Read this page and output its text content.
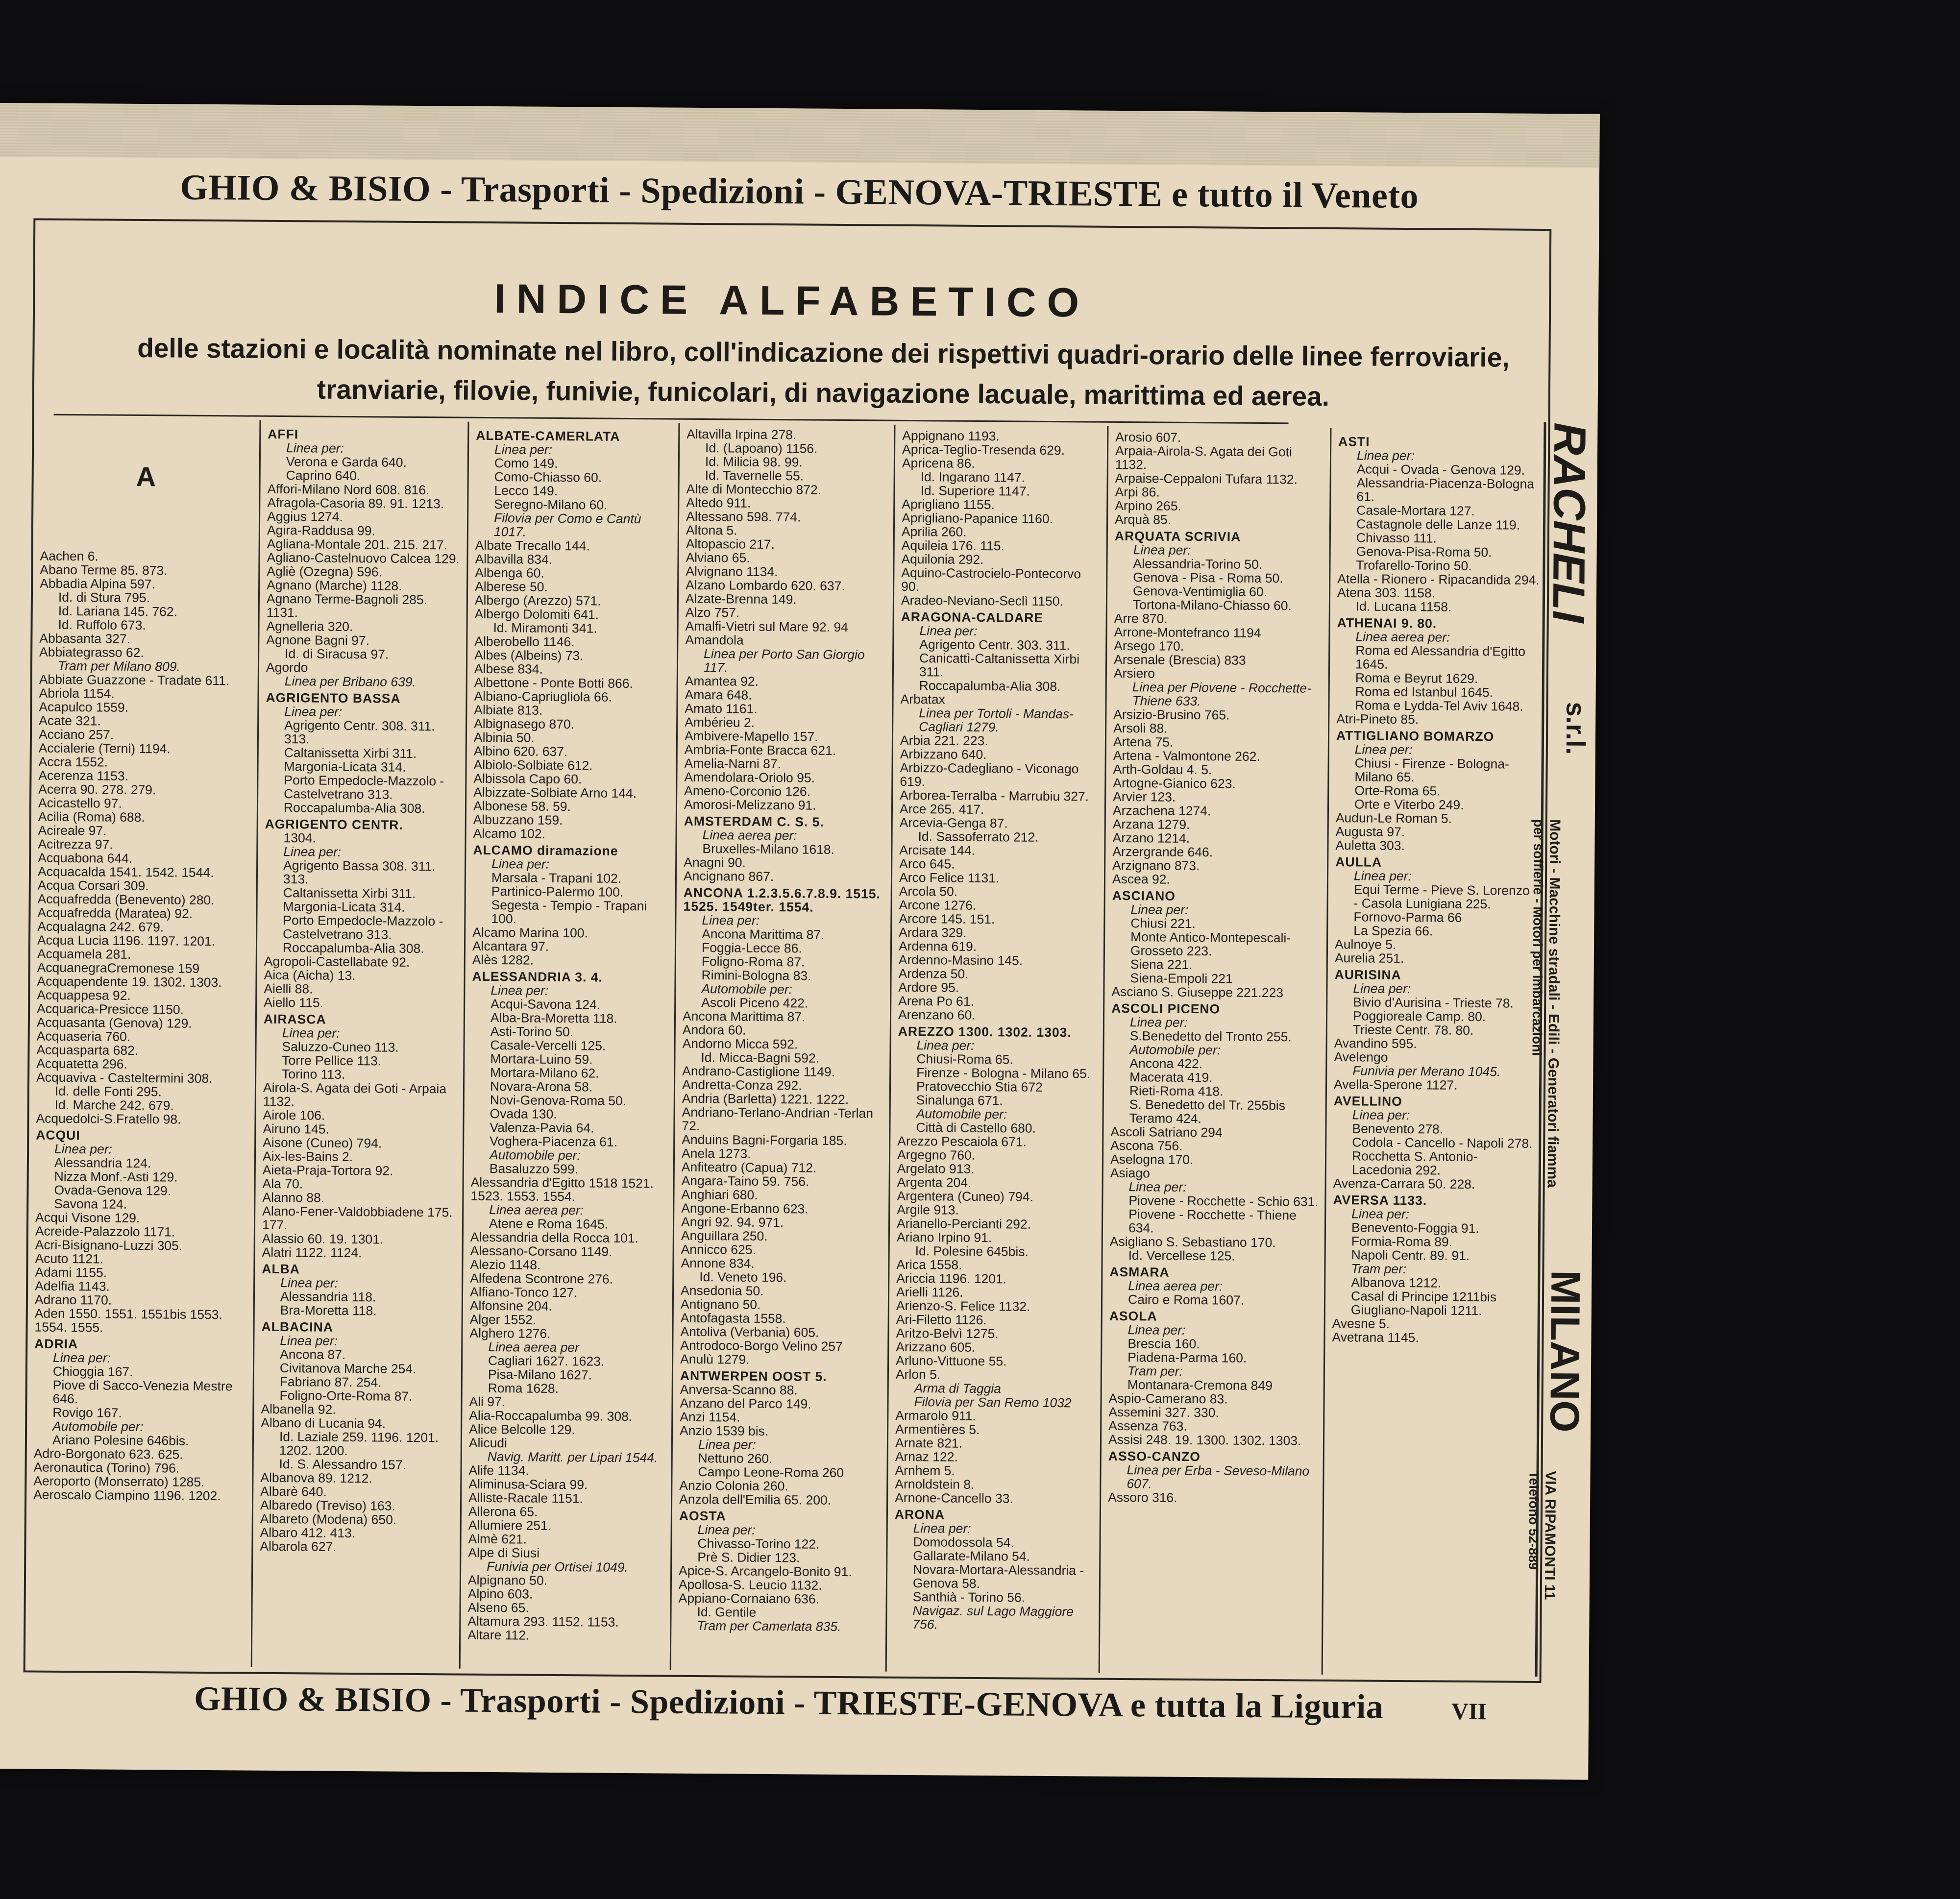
GHIO & BISIO - Trasporti - Spedizioni - GENOVA-TRIESTE e tutto il Veneto
INDICE ALFABETICO
delle stazioni e località nominate nel libro, coll'indicazione dei rispettivi quadri-orario delle linee ferroviarie, tranviarie, filovie, funivie, funicolari, di navigazione lacuale, marittima ed aerea.
A
Aachen 6.
Abano Terme 85. 873.
Abbadia Alpina 597.
Id. di Stura 795.
Id. Lariana 145. 762.
Id. Ruffolo 673.
Abbasanta 327.
Abbiategrasso 62.
Tram per Milano 809.
Abbiate Guazzone - Tradate 611.
Abriola 1154.
Acapulco 1559.
Acate 321.
Acciano 257.
Accialerie (Terni) 1194.
Accra 1552.
Acerenza 1153.
Acerra 90. 278. 279.
Acicastello 97.
Acilia (Roma) 688.
Acireale 97.
Acitrezza 97.
Acquabona 644.
Acquacalda 1541. 1542. 1544.
Acqua Corsari 309.
Acquafredda (Benevento) 280.
Acquafredda (Maratea) 92.
Acqualagna 242. 679.
Acqua Lucia 1196. 1197. 1201.
Acquamela 281.
AcquanegraCremonese 159
Acquapendente 19. 1302. 1303.
Acquappesa 92.
Acquarica-Presicce 1150.
Acquasanta (Genova) 129.
Acquaseria 760.
Acquasparta 682.
Acquatetta 296.
Acquaviva - Casteltermini 308.
Id. delle Fonti 295.
Id. Marche 242. 679.
Acquedolci-S.Fratello 98.
ACQUI
Linea per:
Alessandria 124.
Nizza Monf.-Asti 129.
Ovada-Genova 129.
Savona 124.
Acqui Visone 129.
Acreide-Palazzolo 1171.
Acri-Bisignano-Luzzi 305.
Acuto 1121.
Adami 1155.
Adelfia 1143.
Adrano 1170.
Aden 1550. 1551. 1551bis 1553. 1554. 1555.
ADRIA
Linea per:
Chioggia 167.
Piove di Sacco-Venezia Mestre 646.
Rovigo 167.
Automobile per:
Ariano Polesine 646bis.
Adro-Borgonato 623. 625.
Aeronautica (Torino) 796.
Aeroporto (Monserrato) 1285.
Aeroscalo Ciampino 1196. 1202.
AFFI
Linea per:
Verona e Garda 640.
Caprino 640.
Affori-Milano Nord 608. 816.
Afragola-Casoria 89. 91. 1213.
Aggius 1274.
Agira-Raddusa 99.
Agliana-Montale 201. 215. 217.
Agliano-Castelnuovo Calcea 129.
Agliè (Ozegna) 596.
Agnano (Marche) 1128.
Agnano Terme-Bagnoli 285. 1131.
Agnelleria 320.
Agnone Bagni 97.
Id. di Siracusa 97.
Agordo
Linea per Bribano 639.
AGRIGENTO BASSA
Linea per:
Agrigento Centr. 308. 311. 313.
Caltanissetta Xirbi 311.
Margonia-Licata 314.
Porto Empedocle-Mazzolo - Castelvetrano 313.
Roccapalumba-Alia 308.
AGRIGENTO CENTR.
1304.
Linea per:
Agrigento Bassa 308. 311. 313.
Caltanissetta Xirbi 311.
Margonia-Licata 314.
Porto Empedocle-Mazzolo - Castelvetrano 313.
Roccapalumba-Alia 308.
Agropoli-Castellabate 92.
Aica (Aicha) 13.
Aielli 88.
Aiello 115.
AIRASCA
Linea per:
Saluzzo-Cuneo 113.
Torre Pellice 113.
Torino 113.
Airola-S. Agata dei Goti - Arpaia 1132.
Airole 106.
Airuno 145.
Aisone (Cuneo) 794.
Aix-les-Bains 2.
Aieta-Praja-Tortora 92.
Ala 70.
Alanno 88.
Alano-Fener-Valdobbiadene 175. 177.
Alassio 60. 19. 1301.
Alatri 1122. 1124.
ALBA
Linea per:
Alessandria 118.
Bra-Moretta 118.
ALBACINA
Linea per:
Ancona 87.
Civitanova Marche 254.
Fabriano 87. 254.
Foligno-Orte-Roma 87.
Albanella 92.
Albano di Lucania 94.
Id. Laziale 259. 1196. 1201. 1202. 1200.
Id. S. Alessandro 157.
Albanova 89. 1212.
Albarè 640.
Albaredo (Treviso) 163.
Albareto (Modena) 650.
Albaro 412. 413.
Albarola 627.
ALBATE-CAMERLATA
Linea per:
Como 149.
Como-Chiasso 60.
Lecco 149.
Seregno-Milano 60.
Filovia per Como e Cantù 1017.
Albate Trecallo 144.
Albavilla 834.
Albenga 60.
Alberese 50.
Albergo (Arezzo) 571.
Albergo Dolomiti 641.
Id. Miramonti 341.
Alberobello 1146.
Albes (Albeins) 73.
Albese 834.
Albettone - Ponte Botti 866.
Albiano-Capriugliola 66.
Albiate 813.
Albignasego 870.
Albinia 50.
Albino 620. 637.
Albiolo-Solbiate 612.
Albissola Capo 60.
Albizzate-Solbiate Arno 144.
Albonese 58. 59.
Albuzzano 159.
Alcamo 102.
ALCAMO diramazione
Linea per:
Marsala - Trapani 102.
Partinico-Palermo 100.
Segesta - Tempio - Trapani 100.
Alcamo Marina 100.
Alcantara 97.
Alès 1282.
ALESSANDRIA 3. 4.
Linea per:
Acqui-Savona 124.
Alba-Bra-Moretta 118.
Asti-Torino 50.
Casale-Vercelli 125.
Mortara-Luino 59.
Mortara-Milano 62.
Novara-Arona 58.
Novi-Genova-Roma 50.
Ovada 130.
Valenza-Pavia 64.
Voghera-Piacenza 61.
Automobile per:
Basaluzzo 599.
Alessandria d'Egitto 1518 1521. 1523. 1553. 1554.
Linea aerea per:
Atene e Roma 1645.
Alessandria della Rocca 101.
Alessano-Corsano 1149.
Alezio 1148.
Alfedena Scontrone 276.
Alfiano-Tonco 127.
Alfonsine 204.
Alger 1552.
Alghero 1276.
Linea aerea per
Cagliari 1627. 1623.
Pisa-Milano 1627.
Roma 1628.
Ali 97.
Alia-Roccapalumba 99. 308.
Alice Belcolle 129.
Alicudi
Navig. Maritt. per Lipari 1544.
Alife 1134.
Aliminusa-Sciara 99.
Alliste-Racale 1151.
Allerona 65.
Allumiere 251.
Almè 621.
Alpe di Siusi
Funivia per Ortisei 1049.
Alpignano 50.
Alpino 603.
Alseno 65.
Altamura 293. 1152. 1153.
Altare 112.
Altavilla Irpina 278.
Id. (Lapoano) 1156.
Id. Milicia 98. 99.
Id. Tavernelle 55.
Alte di Montecchio 872.
Altedo 911.
Altessano 598. 774.
Altona 5.
Altopascio 217.
Alviano 65.
Alvignano 1134.
Alzano Lombardo 620. 637.
Alzate-Brenna 149.
Alzo 757.
Amalfi-Vietri sul Mare 92. 94
Amandola
Linea per Porto San Giorgio 117.
Amantea 92.
Amara 648.
Amato 1161.
Ambérieu 2.
Ambivere-Mapello 157.
Ambria-Fonte Bracca 621.
Amelia-Narni 87.
Amendolara-Oriolo 95.
Ameno-Corconio 126.
Amorosi-Melizzano 91.
AMSTERDAM C. S. 5.
Linea aerea per:
Bruxelles-Milano 1618.
Anagni 90.
Ancignano 867.
ANCONA 1.2.3.5.6.7.8.9. 1515. 1525. 1549ter. 1554.
Linea per:
Ancona Marittima 87.
Foggia-Lecce 86.
Foligno-Roma 87.
Rimini-Bologna 83.
Automobile per:
Ascoli Piceno 422.
Ancona Marittima 87.
Andora 60.
Andorno Micca 592.
Id. Micca-Bagni 592.
Andrano-Castiglione 1149.
Andretta-Conza 292.
Andria (Barletta) 1221. 1222.
Andriano-Terlano-Andrian -Terlan 72.
Anduins Bagni-Forgaria 185.
Anela 1273.
Anfiteatro (Capua) 712.
Angara-Taino 59. 756.
Anghiari 680.
Angone-Erbanno 623.
Angri 92. 94. 971.
Anguillara 250.
Annicco 625.
Annone 834.
Id. Veneto 196.
Ansedonia 50.
Antignano 50.
Antofagasta 1558.
Antoliva (Verbania) 605.
Antrodoco-Borgo Velino 257
Anulù 1279.
ANTWERPEN OOST 5.
Anversa-Scanno 88.
Anzano del Parco 149.
Anzi 1154.
Anzio 1539 bis.
Linea per:
Nettuno 260.
Campo Leone-Roma 260
Anzio Colonia 260.
Anzola dell'Emilia 65. 200.
AOSTA
Linea per:
Chivasso-Torino 122.
Prè S. Didier 123.
Apice-S. Arcangelo-Bonito 91.
Apollosa-S. Leucio 1132.
Appiano-Cornaiano 636.
Id. Gentile
Tram per Camerlata 835.
Appignano 1193.
Aprica-Teglio-Tresenda 629.
Apricena 86.
Id. Ingarano 1147.
Id. Superiore 1147.
Aprigliano 1155.
Aprigliano-Papanice 1160.
Aprilia 260.
Aquileia 176. 115.
Aquilonia 292.
Aquino-Castrocielo-Pontecorvo 90.
Aradeo-Neviano-Seclì 1150.
ARAGONA-CALDARE
Linea per:
Agrigento Centr. 303. 311.
Canicattì-Caltanissetta Xirbi 311.
Roccapalumba-Alia 308.
Arbatax
Linea per Tortoli - Mandas-Cagliari 1279.
Arbia 221. 223.
Arbizzano 640.
Arbizzo-Cadegliano - Viconago 619.
Arborea-Terralba - Marrubiu 327.
Arce 265. 417.
Arcevia-Genga 87.
Id. Sassoferrato 212.
Arcisate 144.
Arco 645.
Arco Felice 1131.
Arcola 50.
Arcone 1276.
Arcore 145. 151.
Ardara 329.
Ardenna 619.
Ardenno-Masino 145.
Ardenza 50.
Ardore 95.
Arena Po 61.
Arenzano 60.
AREZZO 1300. 1302. 1303.
Linea per:
Chiusi-Roma 65.
Firenze - Bologna - Milano 65.
Pratovecchio Stia 672
Sinalunga 671.
Automobile per:
Città di Castello 680.
Arezzo Pescaiola 671.
Argegno 760.
Argelato 913.
Argenta 204.
Argentera (Cuneo) 794.
Argile 913.
Arianello-Percianti 292.
Ariano Irpino 91.
Id. Polesine 645bis.
Arica 1558.
Ariccia 1196. 1201.
Arielli 1126.
Arienzo-S. Felice 1132.
Ari-Filetto 1126.
Aritzo-Belvì 1275.
Arizzano 605.
Arluno-Vittuone 55.
Arlon 5.
Arma di Taggia
Filovia per San Remo 1032
Armarolo 911.
Armentières 5.
Arnate 821.
Arnaz 122.
Arnhem 5.
Arnoldstein 8.
Arnone-Cancello 33.
ARONA
Linea per:
Domodossola 54.
Gallarate-Milano 54.
Novara-Mortara-Alessandria - Genova 58.
Santhià - Torino 56.
Navigaz. sul Lago Maggiore 756.
Arosio 607.
Arpaia-Airola-S. Agata dei Goti 1132.
Arpaise-Ceppaloni Tufara 1132.
Arpi 86.
Arpino 265.
Arquà 85.
ARQUATA SCRIVIA
Linea per:
Alessandria-Torino 50.
Genova - Pisa - Roma 50.
Genova-Ventimiglia 60.
Tortona-Milano-Chiasso 60.
Arre 870.
Arrone-Montefranco 1194
Arsego 170.
Arsenale (Brescia) 833
Arsiero
Linea per Piovene - Rocchette-Thiene 633.
Arsizio-Brusino 765.
Arsoli 88.
Artena 75.
Artena - Valmontone 262.
Arth-Goldau 4. 5.
Artogne-Gianico 623.
Arvier 123.
Arzachena 1274.
Arzana 1279.
Arzano 1214.
Arzergrande 646.
Arzignano 873.
Ascea 92.
ASCIANO
Linea per:
Chiusi 221.
Monte Antico-Montepescali-Grosseto 223.
Siena 221.
Siena-Empoli 221
Asciano S. Giuseppe 221.223
ASCOLI PICENO
Linea per:
S.Benedetto del Tronto 255.
Automobile per:
Ancona 422.
Macerata 419.
Rieti-Roma 418.
S. Benedetto del Tr. 255bis
Teramo 424.
Ascoli Satriano 294
Ascona 756.
Aselogna 170.
Asiago
Linea per:
Piovene - Rocchette - Schio 631.
Piovene - Rocchette - Thiene 634.
Asigliano S. Sebastiano 170.
Id. Vercellese 125.
ASMARA
Linea aerea per:
Cairo e Roma 1607.
ASOLA
Linea per:
Brescia 160.
Piadena-Parma 160.
Tram per:
Montanara-Cremona 849
Aspio-Camerano 83.
Assemini 327. 330.
Assenza 763.
Assisi 248. 19. 1300. 1302. 1303.
ASSO-CANZO
Linea per Erba - Seveso-Milano 607.
Assoro 316.
ASTI
Linea per:
Acqui - Ovada - Genova 129.
Alessandria-Piacenza-Bologna 61.
Casale-Mortara 127.
Castagnole delle Lanze 119.
Chivasso 111.
Genova-Pisa-Roma 50.
Trofarello-Torino 50.
Atella - Rionero - Ripacandida 294.
Atena 303. 1158.
Id. Lucana 1158.
ATHENAI 9. 80.
Linea aerea per:
Roma ed Alessandria d'Egitto 1645.
Roma e Beyrut 1629.
Roma ed Istanbul 1645.
Roma e Lydda-Tel Aviv 1648.
Atri-Pineto 85.
ATTIGLIANO BOMARZO
Linea per:
Chiusi - Firenze - Bologna-Milano 65.
Orte-Roma 65.
Orte e Viterbo 249.
Audun-Le Roman 5.
Augusta 97.
Auletta 303.
AULLA
Linea per:
Equi Terme - Pieve S. Lorenzo - Casola Lunigiana 225.
Fornovo-Parma 66
La Spezia 66.
Aulnoye 5.
Aurelia 251.
AURISINA
Linea per:
Bivio d'Aurisina - Trieste 78.
Poggioreale Camp. 80.
Trieste Centr. 78. 80.
Avandino 595.
Avelengo
Funivia per Merano 1045.
Avella-Sperone 1127.
AVELLINO
Linea per:
Benevento 278.
Codola - Cancello - Napoli 278.
Rocchetta S. Antonio-Lacedonia 292.
Avenza-Carrara 50. 228.
AVERSA 1133.
Linea per:
Benevento-Foggia 91.
Formia-Roma 89.
Napoli Centr. 89. 91.
Tram per:
Albanova 1212.
Casal di Principe 1211bis
Giugliano-Napoli 1211.
Avesne 5.
Avetrana 1145.
RACHELI
s.r.l.
Motori - Macchine stradali - Edili - Generatori fiamma
per soffierie - Motori per imbarcazioni
MILANO
VIA RIPAMONTI 11
Telefono 52-889
GHIO & BISIO - Trasporti - Spedizioni - TRIESTE-GENOVA e tutta la Liguria	VII
